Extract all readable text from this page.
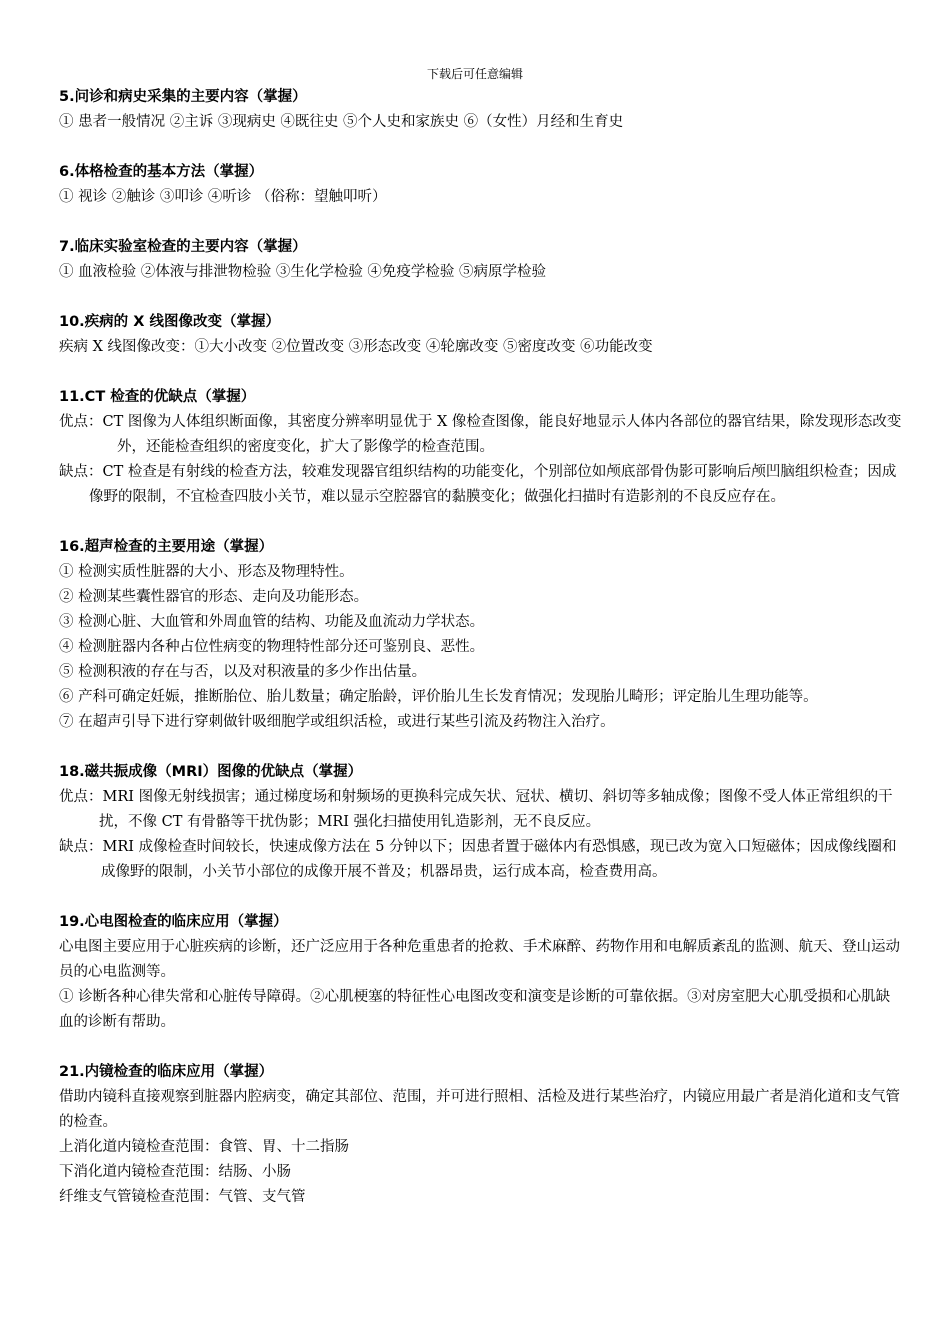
下载后可任意编辑
5.问诊和病史采集的主要内容（掌握）
① 患者一般情况 ②主诉 ③现病史 ④既往史 ⑤个人史和家族史 ⑥（女性）月经和生育史
6.体格检查的基本方法（掌握）
① 视诊 ②触诊 ③叩诊 ④听诊 （俗称：望触叩听）
7.临床实验室检查的主要内容（掌握）
① 血液检验 ②体液与排泄物检验 ③生化学检验 ④免疫学检验 ⑤病原学检验
10.疾病的 X 线图像改变（掌握）
疾病 X 线图像改变：①大小改变 ②位置改变 ③形态改变 ④轮廓改变 ⑤密度改变 ⑥功能改变
11.CT 检查的优缺点（掌握）
优点：CT 图像为人体组织断面像，其密度分辨率明显优于 X 像检查图像，能良好地显示人体内各部位的器官结果，除发现形态改变外，还能检查组织的密度变化，扩大了影像学的检查范围。
缺点：CT 检查是有射线的检查方法，较难发现器官组织结构的功能变化，个别部位如颅底部骨伪影可影响后颅凹脑组织检查；因成像野的限制，不宜检查四肢小关节，难以显示空腔器官的黏膜变化；做强化扫描时有造影剂的不良反应存在。
16.超声检查的主要用途（掌握）
① 检测实质性脏器的大小、形态及物理特性。
② 检测某些囊性器官的形态、走向及功能形态。
③ 检测心脏、大血管和外周血管的结构、功能及血流动力学状态。
④ 检测脏器内各种占位性病变的物理特性部分还可鉴别良、恶性。
⑤ 检测积液的存在与否，以及对积液量的多少作出估量。
⑥ 产科可确定妊娠，推断胎位、胎儿数量；确定胎龄，评价胎儿生长发育情况；发现胎儿畸形；评定胎儿生理功能等。
⑦ 在超声引导下进行穿刺做针吸细胞学或组织活检，或进行某些引流及药物注入治疗。
18.磁共振成像（MRI）图像的优缺点（掌握）
优点：MRI 图像无射线损害；通过梯度场和射频场的更换科完成矢状、冠状、横切、斜切等多轴成像；图像不受人体正常组织的干扰，不像 CT 有骨骼等干扰伪影；MRI 强化扫描使用钆造影剂，无不良反应。
缺点：MRI 成像检查时间较长，快速成像方法在 5 分钟以下；因患者置于磁体内有恐惧感，现已改为宽入口短磁体；因成像线圈和成像野的限制，小关节小部位的成像开展不普及；机器昂贵，运行成本高，检查费用高。
19.心电图检查的临床应用（掌握）
心电图主要应用于心脏疾病的诊断，还广泛应用于各种危重患者的抢救、手术麻醉、药物作用和电解质紊乱的监测、航天、登山运动员的心电监测等。
① 诊断各种心律失常和心脏传导障碍。②心肌梗塞的特征性心电图改变和演变是诊断的可靠依据。③对房室肥大心肌受损和心肌缺血的诊断有帮助。
21.内镜检查的临床应用（掌握）
借助内镜科直接观察到脏器内腔病变，确定其部位、范围，并可进行照相、活检及进行某些治疗，内镜应用最广者是消化道和支气管的检查。
上消化道内镜检查范围：食管、胃、十二指肠
下消化道内镜检查范围：结肠、小肠
纤维支气管镜检查范围：气管、支气管
